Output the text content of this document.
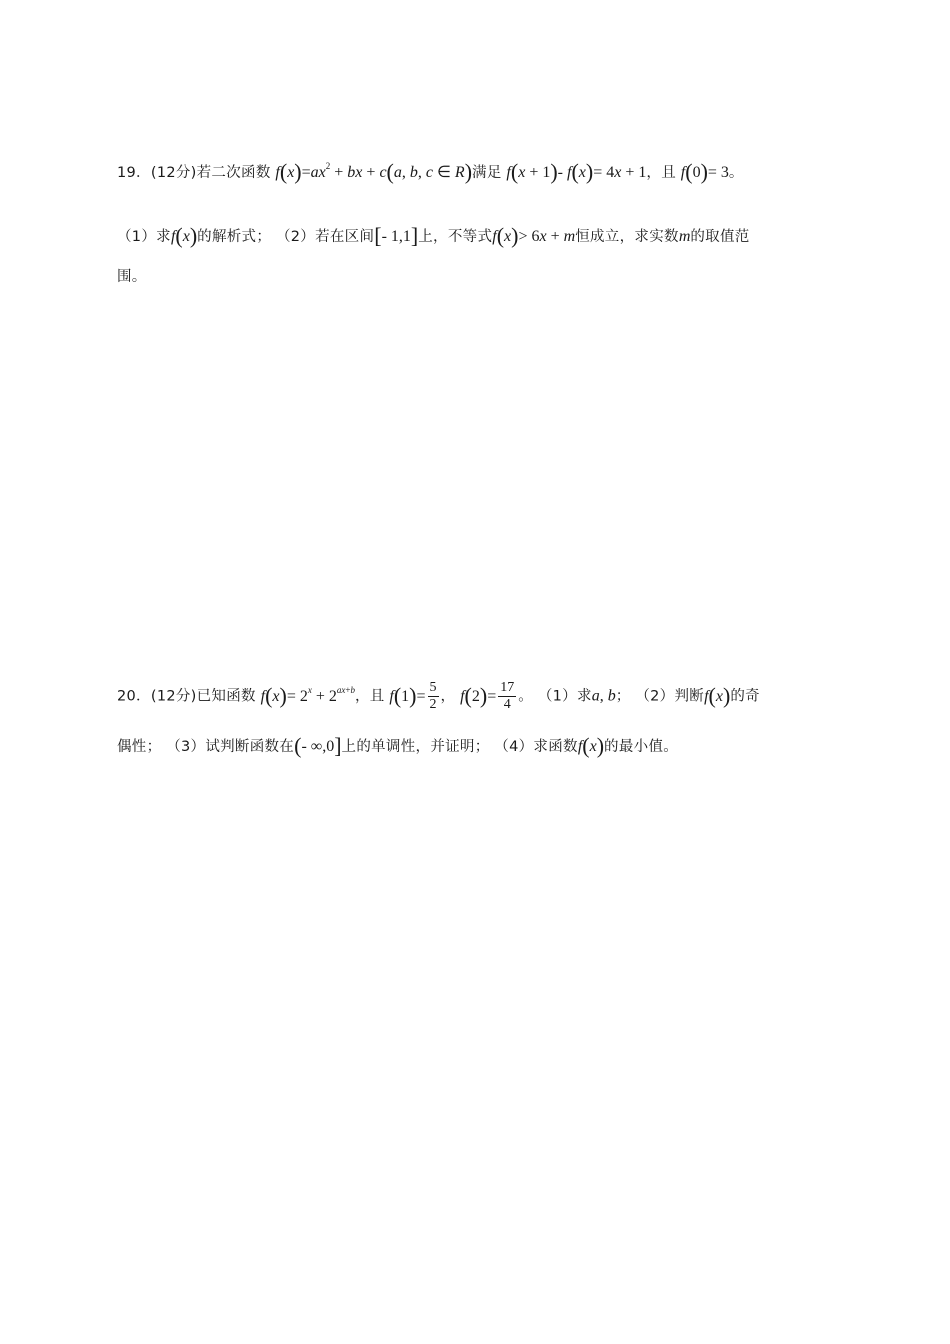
19．(12分)若二次函数 $f(x)=ax^2$ + bx + c(a, b, c ∈ R)满足 f(x + 1)- f(x)= 4x + 1，且 f(0)= 3。
（1）求f(x)的解析式； （2）若在区间[- 1,1]上，不等式f(x)> 6x + m恒成立，求实数m的取值范
围。
20．(12分)已知函数 $f(x)= 2^x + 2^{ax+b}$，且 $f(1)= \frac{5}{2}$ ， $f(2)= \frac{17}{4}$ 。 （1）求a, b； （2）判断f(x)的奇
偶性； （3）试判断函数在(- ∞,0]上的单调性，并证明； （4）求函数f(x)的最小值。
